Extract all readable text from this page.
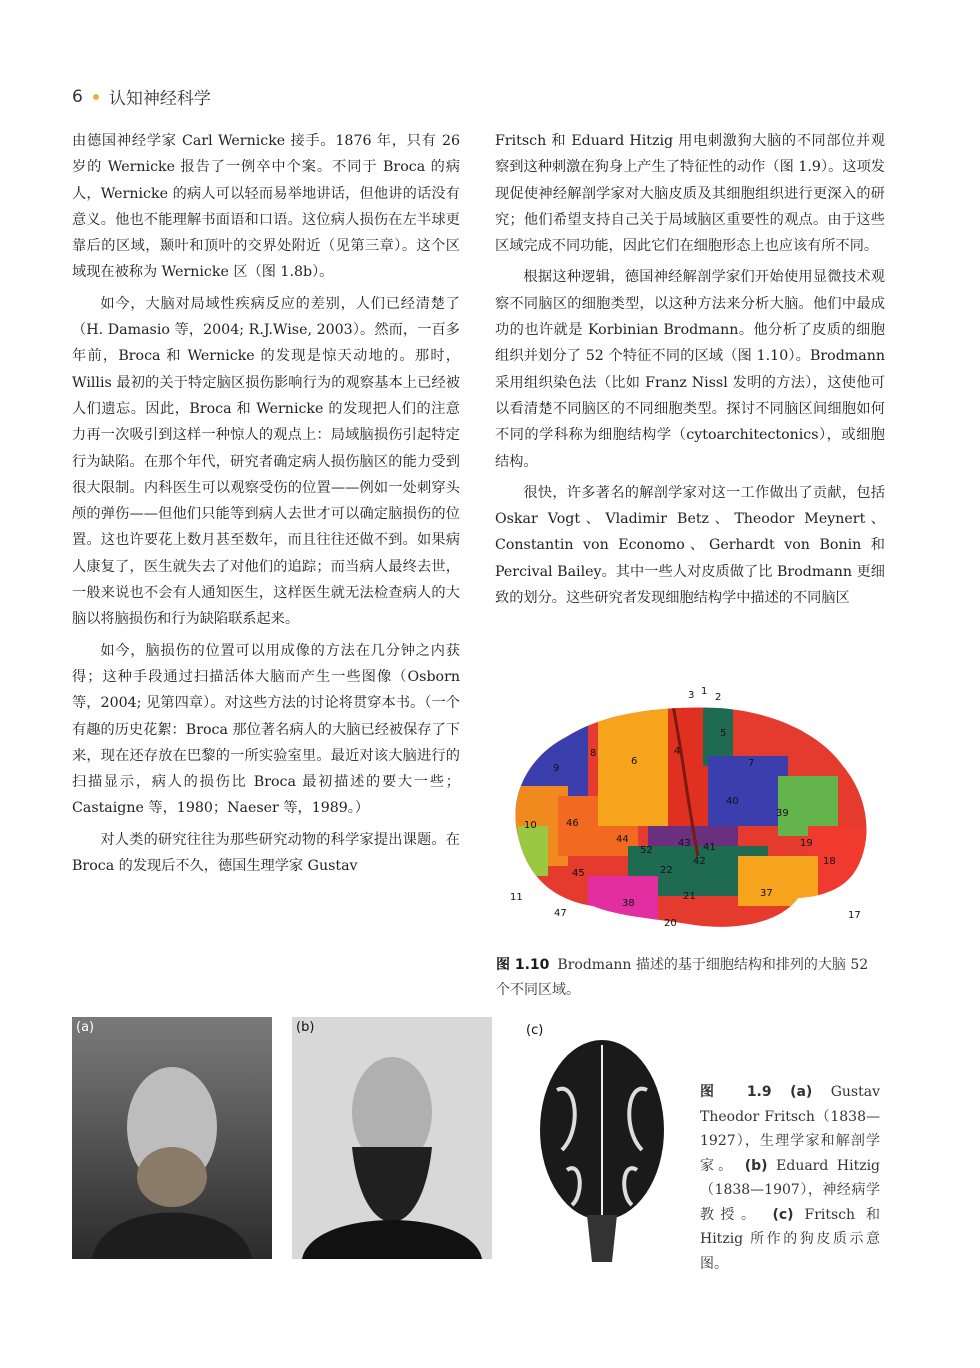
6 认知神经科学

由德国神经学家 Carl Wernicke 接手。1876 年，只有 26 岁的 Wernicke 报告了一例卒中个案。不同于 Broca 的病人，Wernicke 的病人可以轻而易举地讲话，但他讲的话没有意义。他也不能理解书面语和口语。这位病人损伤在左半球更靠后的区域，颞叶和顶叶的交界处附近（见第三章）。这个区域现在被称为 Wernicke 区（图 1.8b）。

如今，大脑对局域性疾病反应的差别，人们已经清楚了（H. Damasio 等，2004; R.J.Wise, 2003）。然而，一百多年前，Broca 和 Wernicke 的发现是惊天动地的。那时，Willis 最初的关于特定脑区损伤影响行为的观察基本上已经被人们遗忘。因此，Broca 和 Wernicke 的发现把人们的注意力再一次吸引到这样一种惊人的观点上：局域脑损伤引起特定行为缺陷。在那个年代，研究者确定病人损伤脑区的能力受到很大限制。内科医生可以观察受伤的位置——例如一处刺穿头颅的弹伤——但他们只能等到病人去世才可以确定脑损伤的位置。这也许要花上数月甚至数年，而且往往还做不到。如果病人康复了，医生就失去了对他们的追踪；而当病人最终去世，一般来说也不会有人通知医生，这样医生就无法检查病人的大脑以将脑损伤和行为缺陷联系起来。

如今，脑损伤的位置可以用成像的方法在几分钟之内获得；这种手段通过扫描活体大脑而产生一些图像（Osborn 等，2004; 见第四章）。对这些方法的讨论将贯穿本书。（一个有趣的历史花絮：Broca 那位著名病人的大脑已经被保存了下来，现在还存放在巴黎的一所实验室里。最近对该大脑进行的扫描显示，病人的损伤比 Broca 最初描述的要大一些；Castaigne 等，1980；Naeser 等，1989。）

对人类的研究往往为那些研究动物的科学家提出课题。在 Broca 的发现后不久，德国生理学家 Gustav

Fritsch 和 Eduard Hitzig 用电刺激狗大脑的不同部位并观察到这种刺激在狗身上产生了特征性的动作（图 1.9）。这项发现促使神经解剖学家对大脑皮质及其细胞组织进行更深入的研究；他们希望支持自己关于局域脑区重要性的观点。由于这些区域完成不同功能，因此它们在细胞形态上也应该有所不同。

根据这种逻辑，德国神经解剖学家们开始使用显微技术观察不同脑区的细胞类型，以这种方法来分析大脑。他们中最成功的也许就是 Korbinian Brodmann。他分析了皮质的细胞组织并划分了 52 个特征不同的区域（图 1.10）。Brodmann 采用组织染色法（比如 Franz Nissl 发明的方法），这使他可以看清楚不同脑区的不同细胞类型。探讨不同脑区间细胞如何不同的学科称为细胞结构学（cytoarchitectonics），或细胞结构。

很快，许多著名的解剖学家对这一工作做出了贡献，包括 Oskar Vogt、Vladimir Betz、Theodor Meynert、Constantin von Economo、Gerhardt von Bonin 和 Percival Bailey。其中一些人对皮质做了比 Brodmann 更细致的划分。这些研究者发现细胞结构学中描述的不同脑区

3 1
2
5
8	4
6	7
9
40
39
10	46
44
52
43 41
42
19
18
45	22
21	37
11
47
38
20
17
图 1.10 Brodmann 描述的基于细胞结构和排列的大脑 52 个不同区域。
(a)	(b)	(c)
图 1.9 (a) Gustav Theodor Fritsch（1838—1927），生理学家和解剖学家。 (b) Eduard Hitzig（1838—1907），神经病学教授。 (c) Fritsch 和 Hitzig 所作的狗皮质示意图。
